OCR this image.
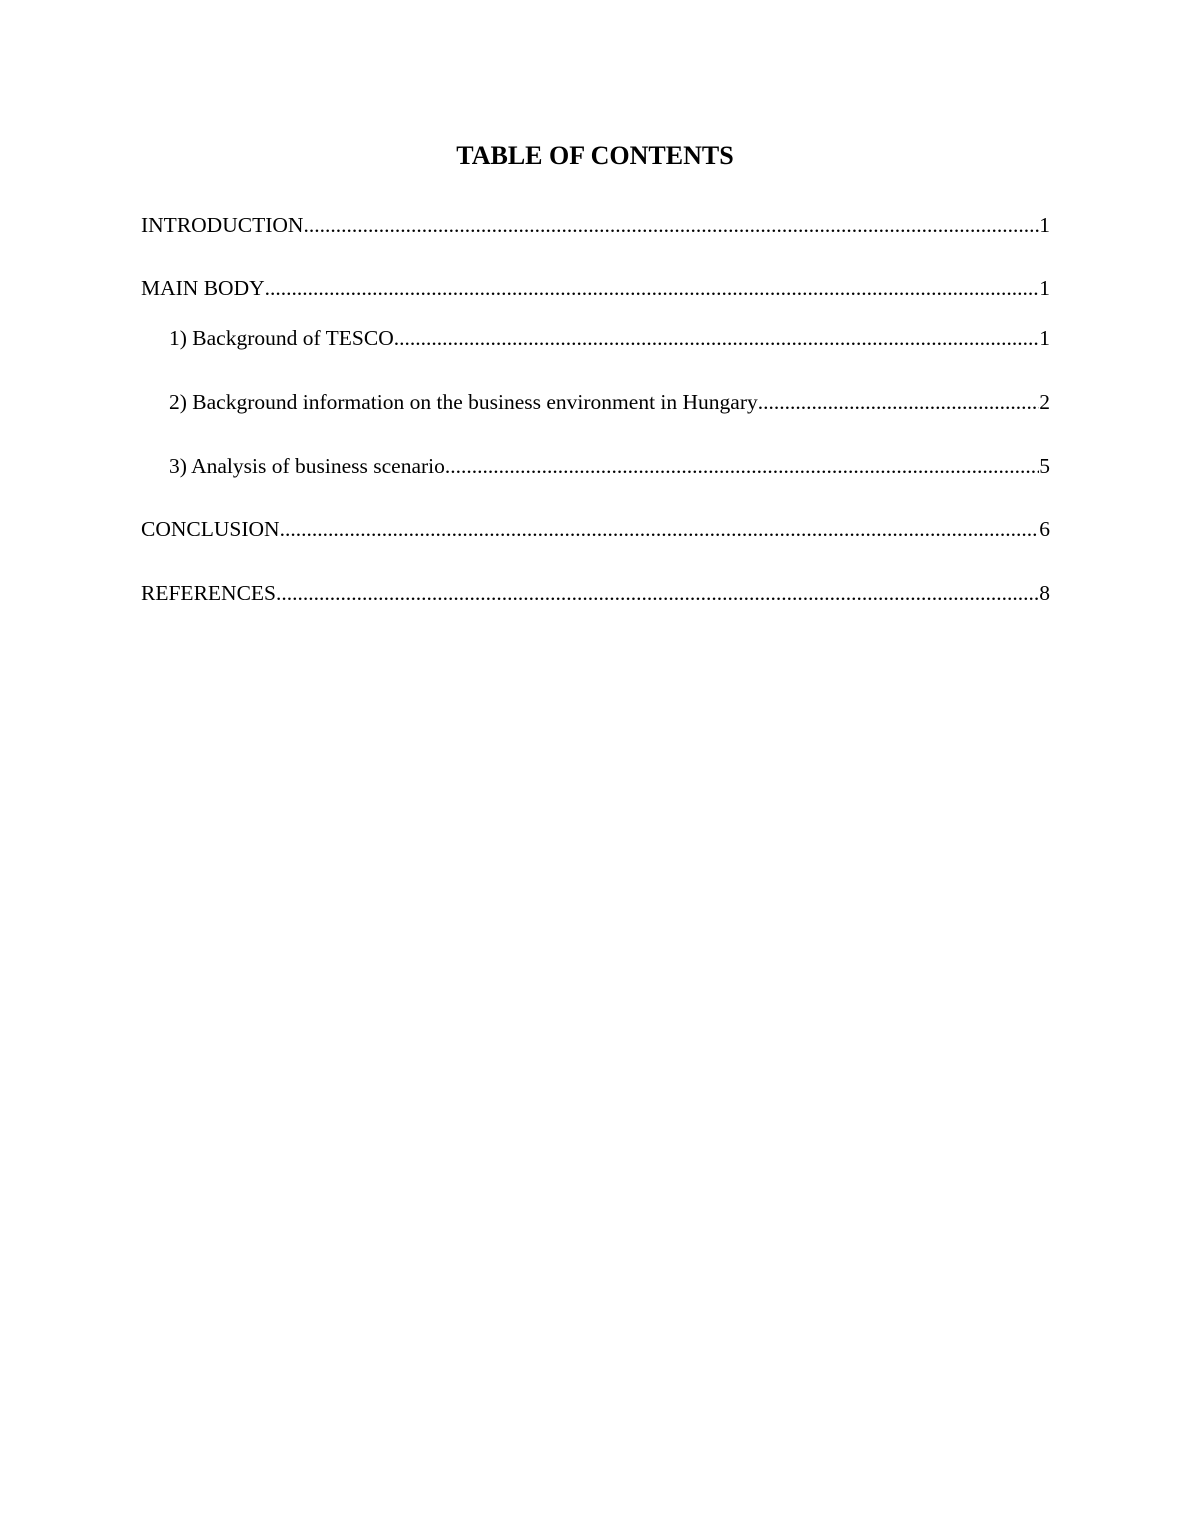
TABLE OF CONTENTS
INTRODUCTION .....	1
MAIN BODY .....	1
1) Background of TESCO .....	1
2) Background information on the business environment in Hungary .....	2
3) Analysis of business scenario .....	5
CONCLUSION .....	6
REFERENCES .....	8
